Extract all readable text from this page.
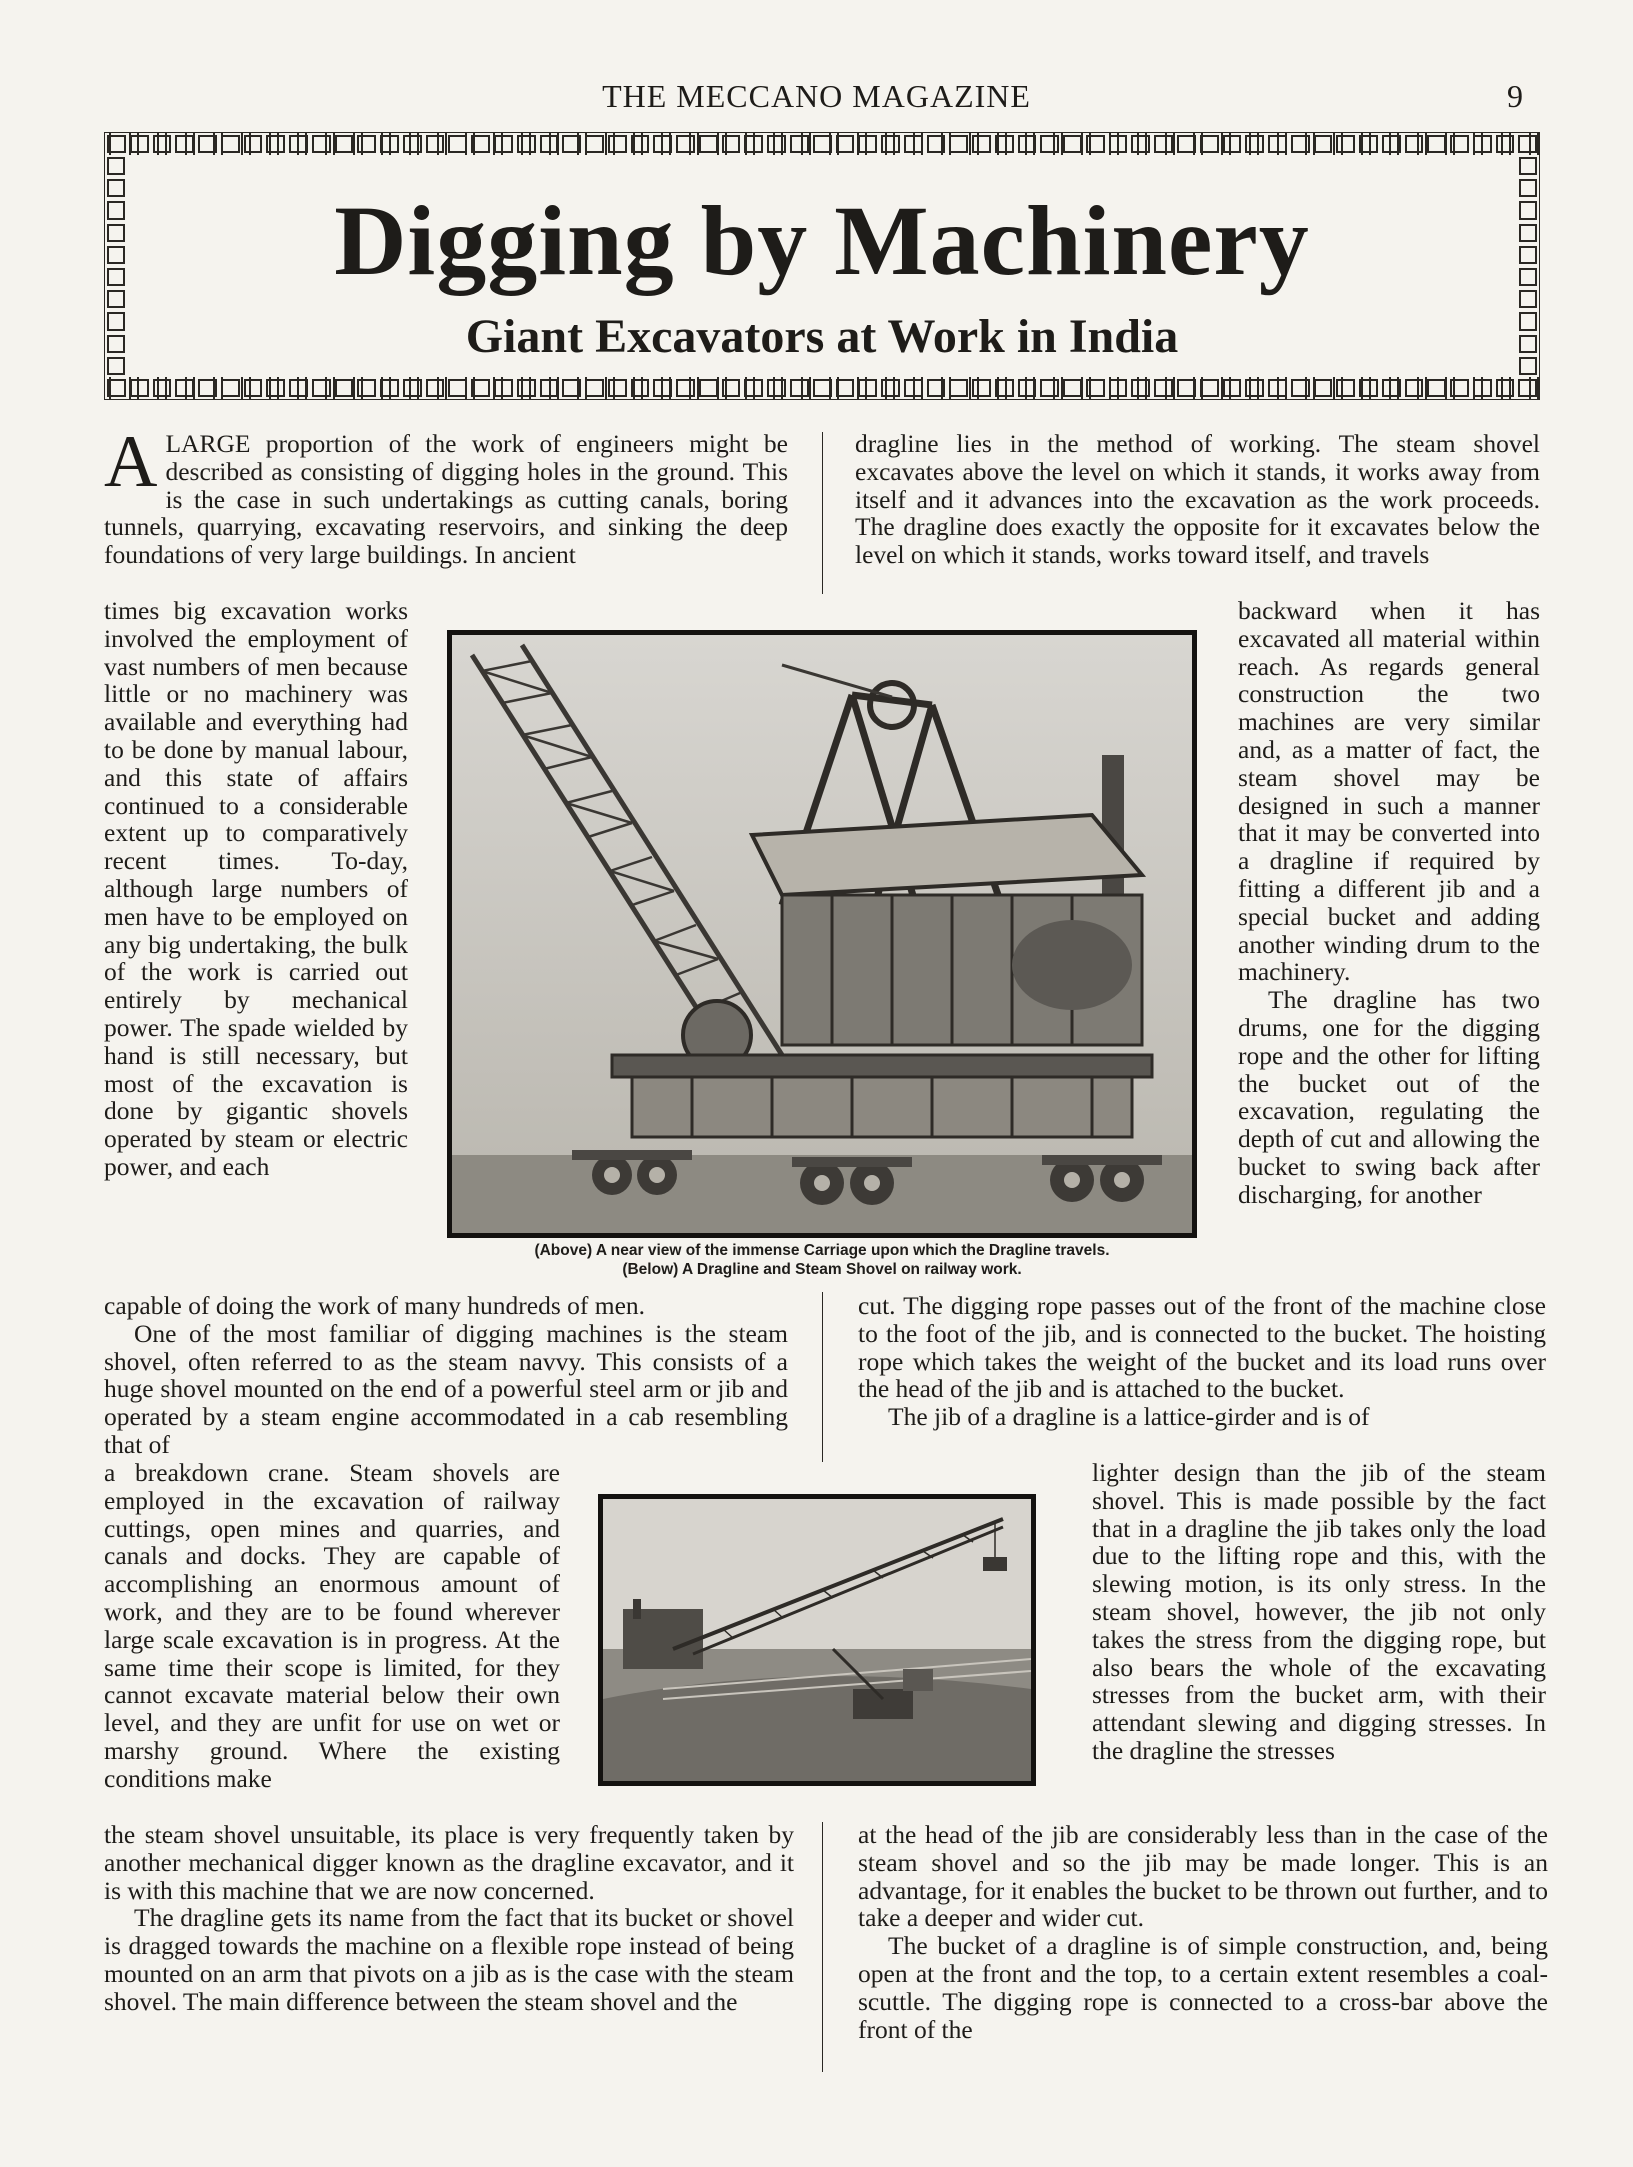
THE MECCANO MAGAZINE	9
Digging by Machinery
Giant Excavators at Work in India

ALARGE proportion of the work of engineers might be described as consisting of digging holes in the ground. This is the case in such undertakings as cutting canals, boring tunnels, quarrying, excavating reservoirs, and sinking the deep foundations of very large buildings. In ancient

times big excavation works involved the employment of vast numbers of men because little or no machinery was available and everything had to be done by manual labour, and this state of affairs continued to a considerable extent up to comparatively recent times. To-day, although large numbers of men have to be employed on any big undertaking, the bulk of the work is carried out entirely by mechanical power. The spade wielded by hand is still necessary, but most of the excavation is done by gigantic shovels operated by steam or electric power, and each

capable of doing the work of many hundreds of men.

One of the most familiar of digging machines is the steam shovel, often referred to as the steam navvy. This consists of a huge shovel mounted on the end of a powerful steel arm or jib and operated by a steam engine accommodated in a cab resembling that of

a breakdown crane. Steam shovels are employed in the excavation of railway cuttings, open mines and quarries, and canals and docks. They are capable of accomplishing an enormous amount of work, and they are to be found wherever large scale excavation is in progress. At the same time their scope is limited, for they cannot excavate material below their own level, and they are unfit for use on wet or marshy ground. Where the existing conditions make

the steam shovel unsuitable, its place is very frequently taken by another mechanical digger known as the dragline excavator, and it is with this machine that we are now concerned.

The dragline gets its name from the fact that its bucket or shovel is dragged towards the machine on a flexible rope instead of being mounted on an arm that pivots on a jib as is the case with the steam shovel. The main difference between the steam shovel and the

dragline lies in the method of working. The steam shovel excavates above the level on which it stands, it works away from itself and it advances into the excavation as the work proceeds. The dragline does exactly the opposite for it excavates below the level on which it stands, works toward itself, and travels

backward when it has excavated all material within reach. As regards general construction the two machines are very similar and, as a matter of fact, the steam shovel may be designed in such a manner that it may be converted into a dragline if required by fitting a different jib and a special bucket and adding another winding drum to the machinery.

The dragline has two drums, one for the digging rope and the other for lifting the bucket out of the excavation, regulating the depth of cut and allowing the bucket to swing back after discharging, for another

cut. The digging rope passes out of the front of the machine close to the foot of the jib, and is connected to the bucket. The hoisting rope which takes the weight of the bucket and its load runs over the head of the jib and is attached to the bucket.

The jib of a dragline is a lattice-girder and is of

lighter design than the jib of the steam shovel. This is made possible by the fact that in a dragline the jib takes only the load due to the lifting rope and this, with the slewing motion, is its only stress. In the steam shovel, however, the jib not only takes the stress from the digging rope, but also bears the whole of the excavating stresses from the bucket arm, with their attendant slewing and digging stresses. In the dragline the stresses

at the head of the jib are considerably less than in the case of the steam shovel and so the jib may be made longer. This is an advantage, for it enables the bucket to be thrown out further, and to take a deeper and wider cut.

The bucket of a dragline is of simple construction, and, being open at the front and the top, to a certain extent resembles a coal-scuttle. The digging rope is connected to a cross-bar above the front of the

(Above) A near view of the immense Carriage upon which the Dragline travels.
(Below) A Dragline and Steam Shovel on railway work.
